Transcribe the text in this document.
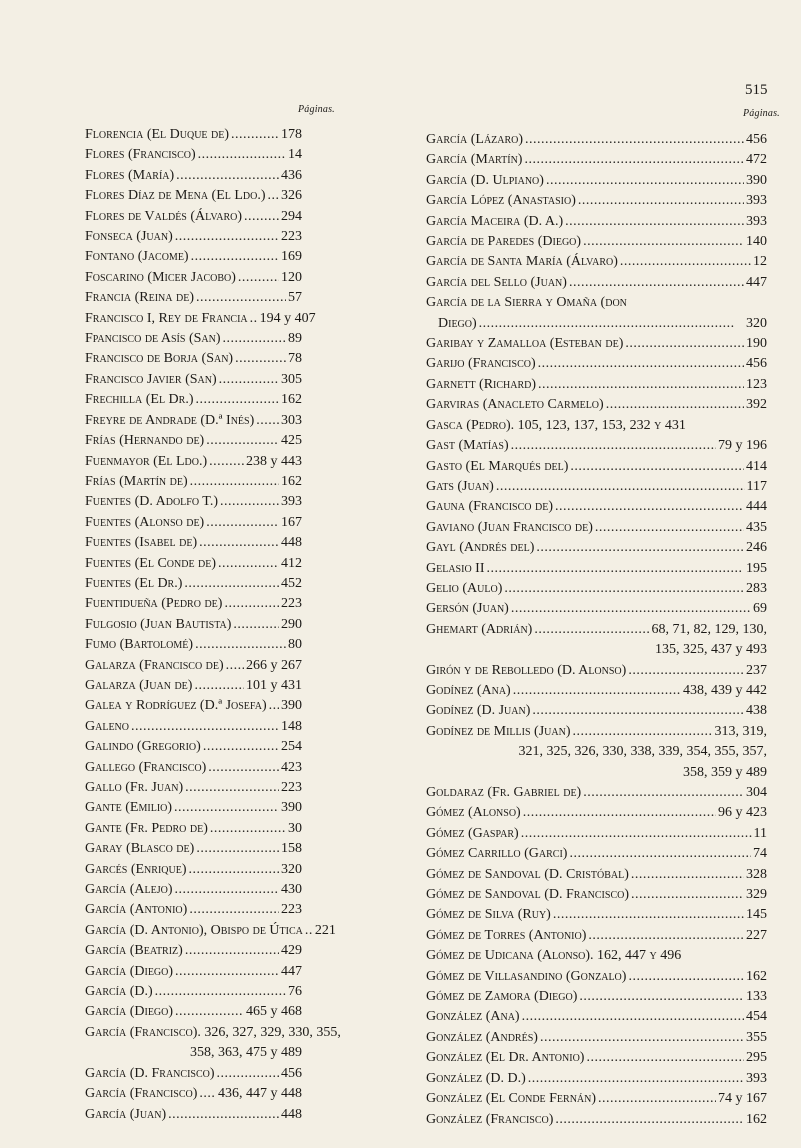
515
Páginas.	Páginas.
Florencia (El Duque de) . . .	178
Flores (Francisco) . . .	14
Flores (María) . . .	436
Flores Díaz de Mena (El Ldo.) . . . 326
Flores de Valdés (Álvaro) . . .	294
Fonseca (Juan) . . .	223
Fontano (Jacome) . . .	169
Foscarino (Micer Jacobo) . . .	120
Francia (Reina de) . . .	57
Francisco I, Rey de Francia . . . 194 y 407
Fpancisco de Asís (San) . . .	89
Francisco de Borja (San) . . .	78
Francisco Javier (San) . . .	305
Frechilla (El Dr.) . . .	162
Freyre de Andrade (D.ª Inés) . . . 303
Frías (Hernando de) . . .	425
Fuenmayor (El Ldo.) . . .	238 y 443
Frías (Martín de) . . .	162
Fuentes (D. Adolfo T.) . . .	393
Fuentes (Alonso de) . . .	167
Fuentes (Isabel de) . . .	448
Fuentes (El Conde de) . . .	412
Fuentes (El Dr.) . . .	452
Fuentidueña (Pedro de) . . .	223
Fulgosio (Juan Bautista) . . .	290
Fumo (Bartolomé) . . .	80
Galarza (Francisco de) . . . 266 y 267
Galarza (Juan de) . . .	101 y 431
Galea y Rodríguez (D.ª Josefa) . . . 390
Galeno . . .	148
Galindo (Gregorio) . . .	254
Gallego (Francisco) . . .	423
Gallo (Fr. Juan) . . .	223
Gante (Emilio) . . .	390
Gante (Fr. Pedro de) . . .	30
Garay (Blasco de) . . .	158
Garcés (Enrique) . . .	320
García (Alejo) . . .	430
García (Antonio) . . .	223
García (D. Antonio), Obispo de Útica . . . 221
García (Beatriz) . . .	429
García (Diego) . . .	447
García (D.) . . .	76
García (Diego) . . .	465 y 468
García (Francisco). 326, 327, 329, 330, 355,
358, 363, 475 y 489
García (D. Francisco) . . .	456
García (Francisco) . . . 436, 447 y 448
García (Juan) . . .	448
García (Lázaro) . . .	456
García (Martín) . . .	472
García (D. Ulpiano) . . .	390
García López (Anastasio) . . .	393
García Maceira (D. A.) . . .	393
García de Paredes (Diego) . . .	140
García de Santa María (Álvaro) . . .	12
García del Sello (Juan) . . .	447
García de la Sierra y Omaña (don
Diego) . . .	320
Garibay y Zamalloa (Esteban de) . . .	190
Garijo (Francisco) . . .	456
Garnett (Richard) . . .	123
Garviras (Anacleto Carmelo) . . .	392
Gasca (Pedro). 105, 123, 137, 153, 232 y 431
Gast (Matías) . . .	79 y 196
Gasto (El Marqués del) . . .	414
Gats (Juan) . . .	117
Gauna (Francisco de) . . .	444
Gaviano (Juan Francisco de) . . .	435
Gayl (Andrés del) . . .	246
Gelasio II . . .	195
Gelio (Aulo) . . .	283
Gersón (Juan) . . .	69
Ghemart (Adrián) . . .	68, 71, 82, 129, 130,
135, 325, 437 y 493
Girón y de Rebolledo (D. Alonso) . . .	237
Godínez (Ana) . . .	438, 439 y 442
Godínez (D. Juan) . . .	438
Godínez de Millis (Juan) . . .	313, 319,
321, 325, 326, 330, 338, 339, 354, 355, 357,
358, 359 y 489
Goldaraz (Fr. Gabriel de) . . .	304
Gómez (Alonso) . . .	96 y 423
Gómez (Gaspar) . . .	11
Gómez Carrillo (Garci) . . .	74
Gómez de Sandoval (D. Cristóbal) . . .	328
Gómez de Sandoval (D. Francisco) . . .	329
Gómez de Silva (Ruy) . . .	145
Gómez de Torres (Antonio) . . .	227
Gómez de Udicana (Alonso). 162, 447 y 496
Gómez de Villasandino (Gonzalo) . . .	162
Gómez de Zamora (Diego) . . .	133
González (Ana) . . .	454
González (Andrés) . . .	355
González (El Dr. Antonio) . . .	295
González (D. D.) . . .	393
González (El Conde Fernán) . . .	74 y 167
González (Francisco) . . .	162
